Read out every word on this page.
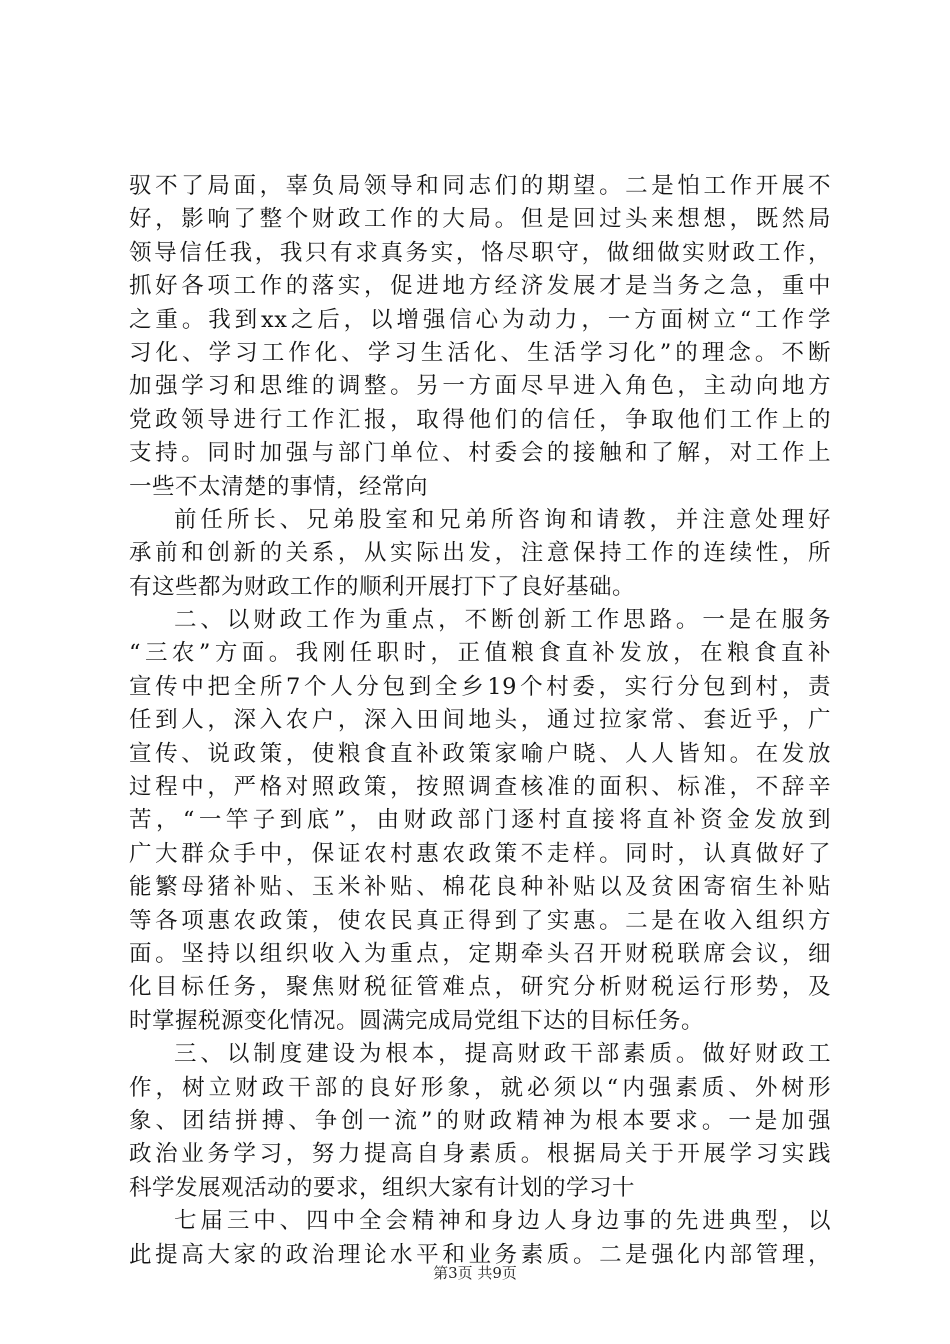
驭不了局面，辜负局领导和同志们的期望。二是怕工作开展不
好，影响了整个财政工作的大局。但是回过头来想想，既然局
领导信任我，我只有求真务实，恪尽职守，做细做实财政工作，
抓好各项工作的落实，促进地方经济发展才是当务之急，重中
之重。我到xx之后，以增强信心为动力，一方面树立“工作学
习化、学习工作化、学习生活化、生活学习化”的理念。不断
加强学习和思维的调整。另一方面尽早进入角色，主动向地方
党政领导进行工作汇报，取得他们的信任，争取他们工作上的
支持。同时加强与部门单位、村委会的接触和了解，对工作上
一些不太清楚的事情，经常向
前任所长、兄弟股室和兄弟所咨询和请教，并注意处理好
承前和创新的关系，从实际出发，注意保持工作的连续性，所
有这些都为财政工作的顺利开展打下了良好基础。
二、以财政工作为重点，不断创新工作思路。一是在服务
“三农”方面。我刚任职时，正值粮食直补发放，在粮食直补
宣传中把全所7个人分包到全乡19个村委，实行分包到村，责
任到人，深入农户，深入田间地头，通过拉家常、套近乎，广
宣传、说政策，使粮食直补政策家喻户晓、人人皆知。在发放
过程中，严格对照政策，按照调查核准的面积、标准，不辞辛
苦，“一竿子到底”，由财政部门逐村直接将直补资金发放到
广大群众手中，保证农村惠农政策不走样。同时，认真做好了
能繁母猪补贴、玉米补贴、棉花良种补贴以及贫困寄宿生补贴
等各项惠农政策，使农民真正得到了实惠。二是在收入组织方
面。坚持以组织收入为重点，定期牵头召开财税联席会议，细
化目标任务，聚焦财税征管难点，研究分析财税运行形势，及
时掌握税源变化情况。圆满完成局党组下达的目标任务。
三、以制度建设为根本，提高财政干部素质。做好财政工
作，树立财政干部的良好形象，就必须以“内强素质、外树形
象、团结拼搏、争创一流”的财政精神为根本要求。一是加强
政治业务学习，努力提高自身素质。根据局关于开展学习实践
科学发展观活动的要求，组织大家有计划的学习十
七届三中、四中全会精神和身边人身边事的先进典型，以
此提高大家的政治理论水平和业务素质。二是强化内部管理，
第3页 共9页
